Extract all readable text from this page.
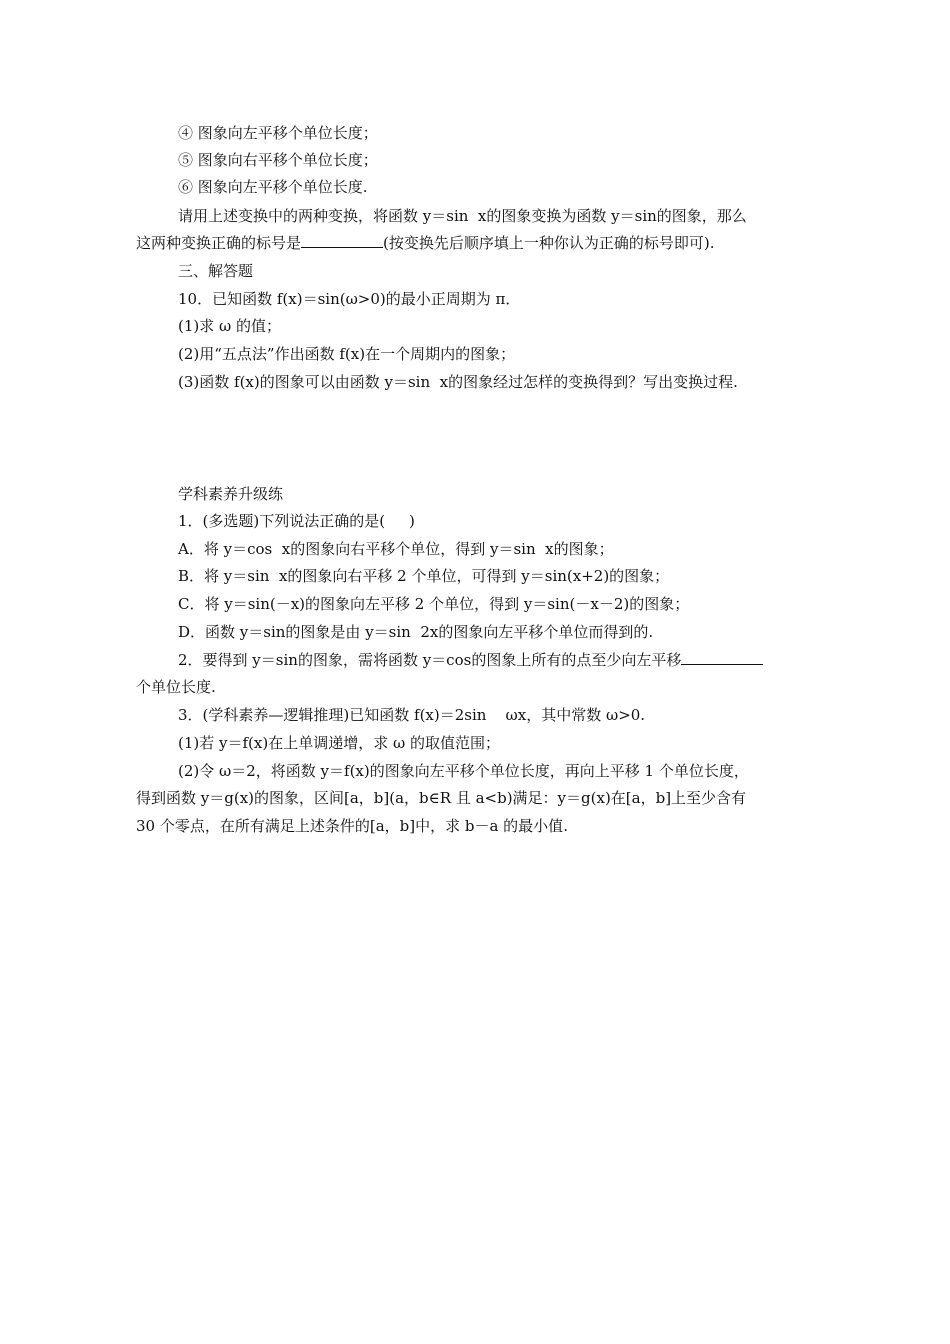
④ 图象向左平移个单位长度；
⑤ 图象向右平移个单位长度；
⑥ 图象向左平移个单位长度.
请用上述变换中的两种变换，将函数 y＝sin  x的图象变换为函数 y＝sin的图象，那么
这两种变换正确的标号是	(按变换先后顺序填上一种你认为正确的标号即可).
三、解答题
10．已知函数 f(x)＝sin(ω>0)的最小正周期为 π．
(1)求 ω 的值；
(2)用“五点法”作出函数 f(x)在一个周期内的图象；
(3)函数 f(x)的图象可以由函数 y＝sin  x的图象经过怎样的变换得到？写出变换过程.
学科素养升级练
1．(多选题)下列说法正确的是(     )
A．将 y＝cos  x的图象向右平移个单位，得到 y＝sin  x的图象；
B．将 y＝sin  x的图象向右平移 2 个单位，可得到 y＝sin(x+2)的图象；
C．将 y＝sin(－x)的图象向左平移 2 个单位，得到 y＝sin(－x－2)的图象；
D．函数 y＝sin的图象是由 y＝sin  2x的图象向左平移个单位而得到的.
2．要得到 y＝sin的图象，需将函数 y＝cos的图象上所有的点至少向左平移
个单位长度.
3．(学科素养—逻辑推理)已知函数 f(x)＝2sin    ωx，其中常数 ω>0.
(1)若 y＝f(x)在上单调递增，求 ω 的取值范围；
(2)令 ω＝2，将函数 y＝f(x)的图象向左平移个单位长度，再向上平移 1 个单位长度，
得到函数 y＝g(x)的图象，区间[a，b](a，b∈R 且 a<b)满足：y＝g(x)在[a，b]上至少含有
30 个零点，在所有满足上述条件的[a，b]中，求 b－a 的最小值.
